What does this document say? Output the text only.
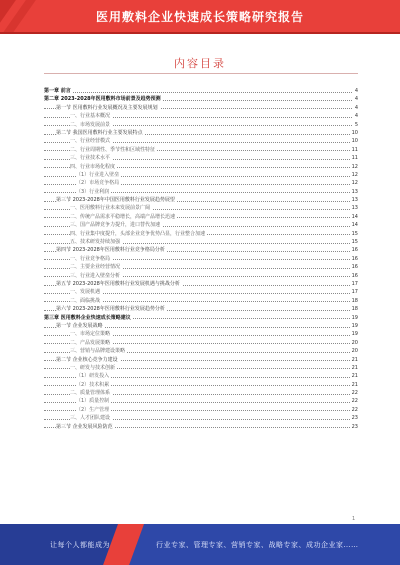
医用敷料企业快速成长策略研究报告
内容目录
第一章 前言	4
第二章 2023-2028年医用敷料市场前景及趋势预测	4
第一节 医用敷料行业发展概况及主要发展规划	4
一、行业基本概况	4
二、市场发展前景	5
第二节 我国医用敷料行业主要发展特点	10
一、行业经营模式	10
二、行业周期性、季节性和区域性特征	11
三、行业技术水平	11
四、行业市场化程度	12
（1）行业进入壁垒	12
（2）市场竞争格局	12
（3）行业利润	13
第三节 2023-2028年中国医用敷料行业发展趋势展望	13
一、医用敷料行业未来发展前景广阔	13
二、传统产品需求平稳增长，高端产品增长迅速	14
三、国产品牌竞争力提升，进口替代加速	14
四、行业集中度提升，头部企业竞争优势凸显，行业整合加速	15
五、技术研发持续加强	15
第四节 2023-2028年医用敷料行业竞争格局分析	16
一、行业竞争格局	16
二、主要企业经营情况	16
三、行业进入壁垒分析	16
第五节 2023-2028年医用敷料行业发展机遇与挑战分析	17
一、发展机遇	17
二、面临挑战	18
第六节 2023-2028年医用敷料行业发展趋势分析	18
第三章 医用敷料企业快速成长策略建议	19
第一节 企业发展战略	19
一、市场定位策略	19
二、产品发展策略	20
三、营销与品牌建设策略	20
第二节 企业核心竞争力建设	21
一、研发与技术创新	21
（1）研发投入	21
（2）技术积累	21
二、质量管理体系	22
（1）质量控制	22
（2）生产管理	22
三、人才团队建设	23
第三节 企业发展风险防范	23
1
让每个人都能成为	行业专家、管理专家、营销专家、战略专家、成功企业家……
